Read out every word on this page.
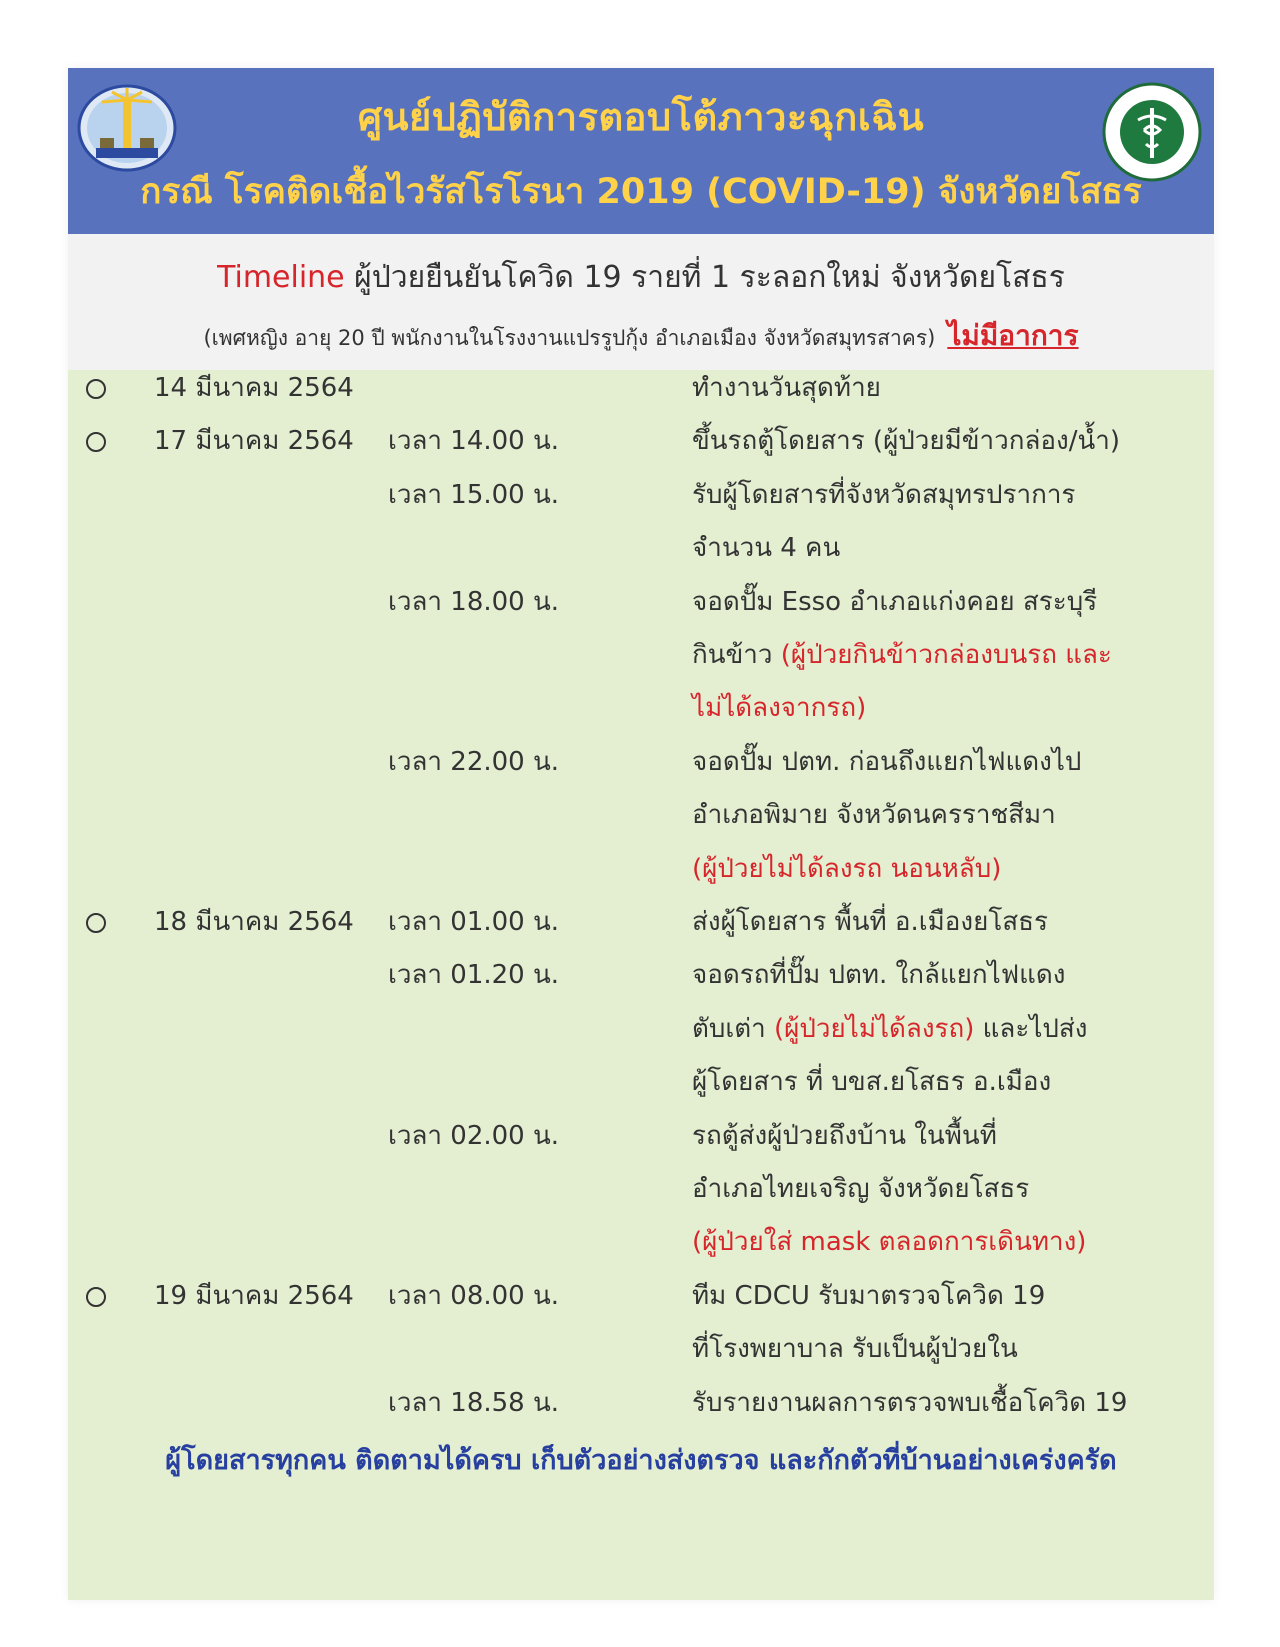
ศูนย์ปฏิบัติการตอบโต้ภาวะฉุกเฉิน
กรณี โรคติดเชื้อไวรัสโรโรนา 2019 (COVID-19) จังหวัดยโสธร
Timeline ผู้ป่วยยืนยันโควิด 19 รายที่ 1 ระลอกใหม่ จังหวัดยโสธร
(เพศหญิง อายุ 20 ปี พนักงานในโรงงานแปรรูปกุ้ง อำเภอเมือง จังหวัดสมุทรสาคร) ไม่มีอาการ
14 มีนาคม 2564	ทำงานวันสุดท้าย
17 มีนาคม 2564 เวลา 14.00 น.	ขึ้นรถตู้โดยสาร (ผู้ป่วยมีข้าวกล่อง/น้ำ)
เวลา 15.00 น.	รับผู้โดยสารที่จังหวัดสมุทรปราการ
จำนวน 4 คน
เวลา 18.00 น.	จอดปั๊ม Esso อำเภอแก่งคอย สระบุรี
กินข้าว (ผู้ป่วยกินข้าวกล่องบนรถ และ
ไม่ได้ลงจากรถ)
เวลา 22.00 น.	จอดปั๊ม ปตท. ก่อนถึงแยกไฟแดงไป
อำเภอพิมาย จังหวัดนครราชสีมา
(ผู้ป่วยไม่ได้ลงรถ นอนหลับ)
18 มีนาคม 2564 เวลา 01.00 น.	ส่งผู้โดยสาร พื้นที่ อ.เมืองยโสธร
เวลา 01.20 น.	จอดรถที่ปั๊ม ปตท. ใกล้แยกไฟแดง
ตับเต่า (ผู้ป่วยไม่ได้ลงรถ) และไปส่ง
ผู้โดยสาร ที่ บขส.ยโสธร อ.เมือง
เวลา 02.00 น.	รถตู้ส่งผู้ป่วยถึงบ้าน ในพื้นที่
อำเภอไทยเจริญ จังหวัดยโสธร
(ผู้ป่วยใส่ mask ตลอดการเดินทาง)
19 มีนาคม 2564 เวลา 08.00 น.	ทีม CDCU รับมาตรวจโควิด 19
ที่โรงพยาบาล รับเป็นผู้ป่วยใน
เวลา 18.58 น.	รับรายงานผลการตรวจพบเชื้อโควิด 19
ผู้โดยสารทุกคน ติดตามได้ครบ เก็บตัวอย่างส่งตรวจ และกักตัวที่บ้านอย่างเคร่งครัด
